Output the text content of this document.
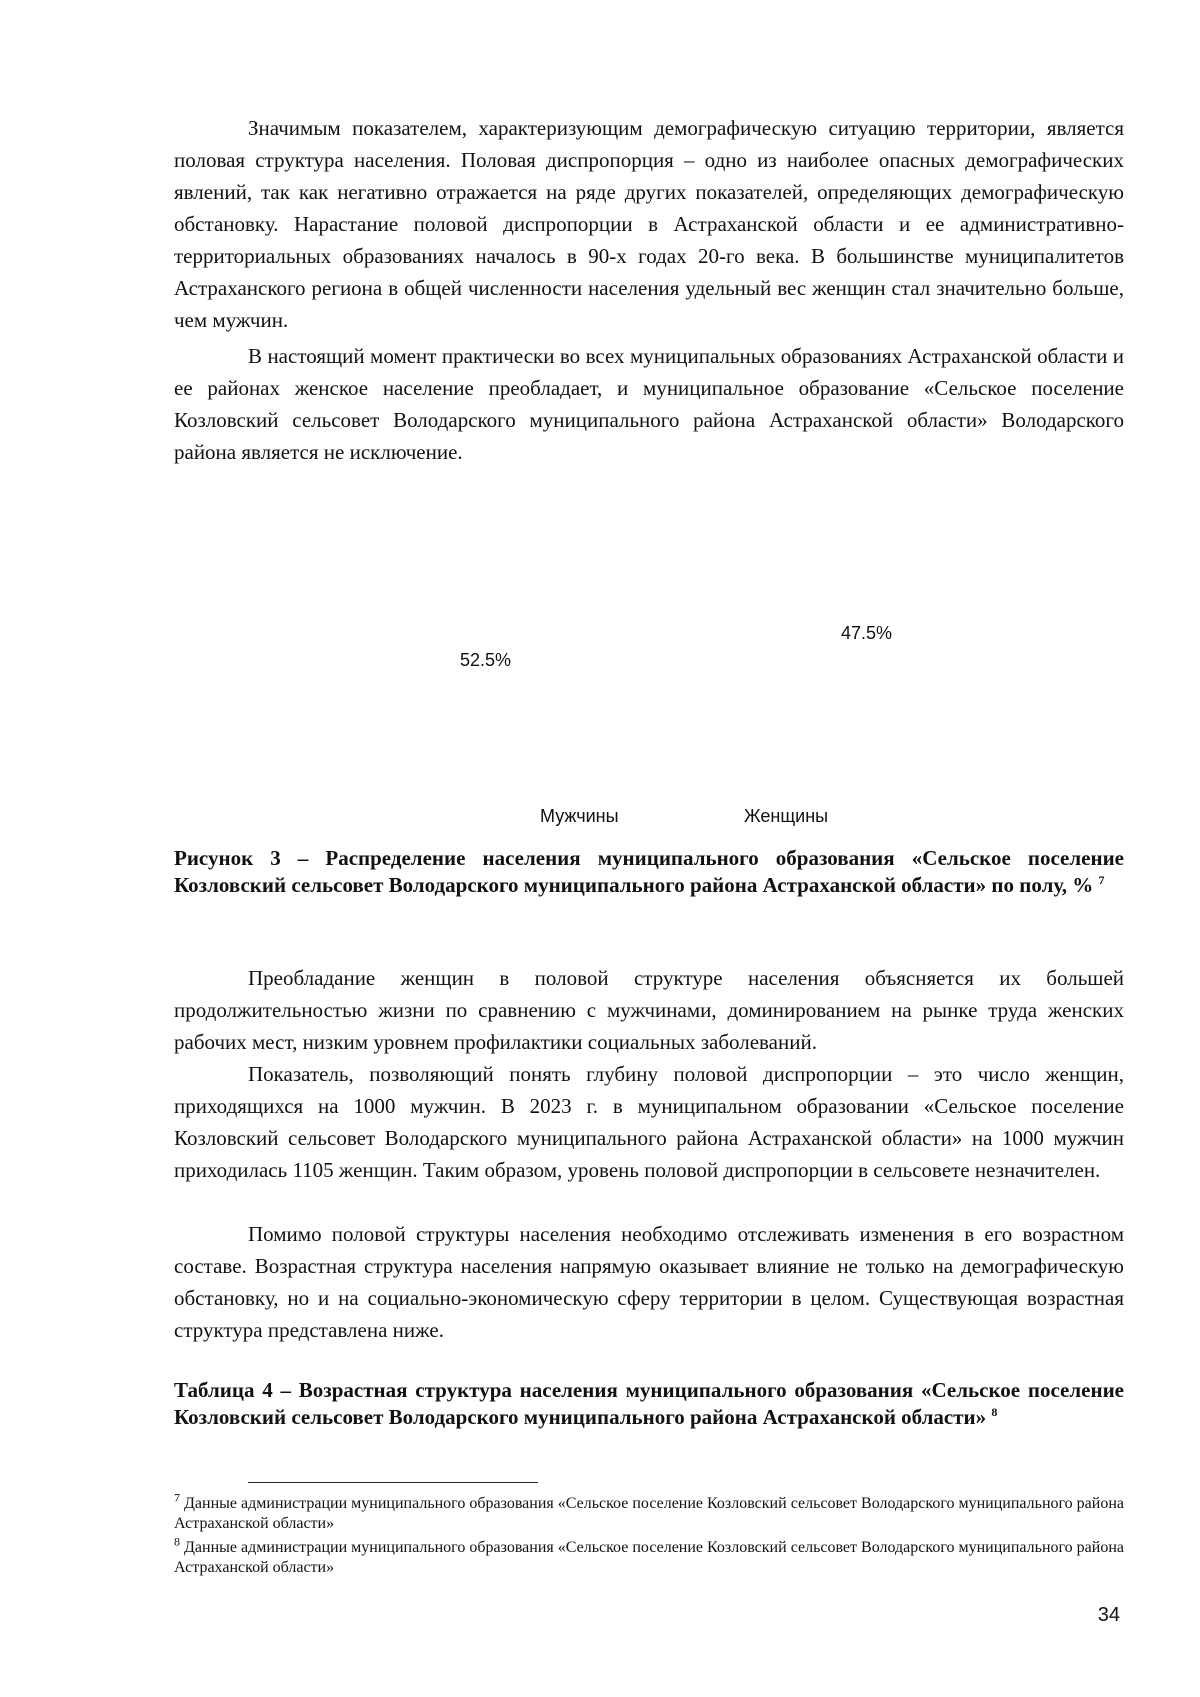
Значимым показателем, характеризующим демографическую ситуацию территории, является половая структура населения. Половая диспропорция – одно из наиболее опасных демографических явлений, так как негативно отражается на ряде других показателей, определяющих демографическую обстановку. Нарастание половой диспропорции в Астраханской области и ее административно-территориальных образованиях началось в 90-х годах 20-го века. В большинстве муниципалитетов Астраханского региона в общей численности населения удельный вес женщин стал значительно больше, чем мужчин.

В настоящий момент практически во всех муниципальных образованиях Астраханской области и ее районах женское население преобладает, и муниципальное образование «Сельское поселение Козловский сельсовет Володарского муниципального района Астраханской области» Володарского района является не исключение.

47.5%
52.5%
Мужчины	Женщины

Рисунок 3 – Распределение населения муниципального образования «Сельское поселение Козловский сельсовет Володарского муниципального района Астраханской области» по полу, % $^7$

Преобладание женщин в половой структуре населения объясняется их большей продолжительностью жизни по сравнению с мужчинами, доминированием на рынке труда женских рабочих мест, низким уровнем профилактики социальных заболеваний.

Показатель, позволяющий понять глубину половой диспропорции – это число женщин, приходящихся на 1000 мужчин. В 2023 г. в муниципальном образовании «Сельское поселение Козловский сельсовет Володарского муниципального района Астраханской области» на 1000 мужчин приходилась 1105 женщин. Таким образом, уровень половой диспропорции в сельсовете незначителен.

Помимо половой структуры населения необходимо отслеживать изменения в его возрастном составе. Возрастная структура населения напрямую оказывает влияние не только на демографическую обстановку, но и на социально-экономическую сферу территории в целом. Существующая возрастная структура представлена ниже.

Таблица 4 – Возрастная структура населения муниципального образования «Сельское поселение Козловский сельсовет Володарского муниципального района Астраханской области» $^8$

$^7$ Данные администрации муниципального образования «Сельское поселение Козловский сельсовет Володарского муниципального района Астраханской области»

$^8$ Данные администрации муниципального образования «Сельское поселение Козловский сельсовет Володарского муниципального района Астраханской области»

34
